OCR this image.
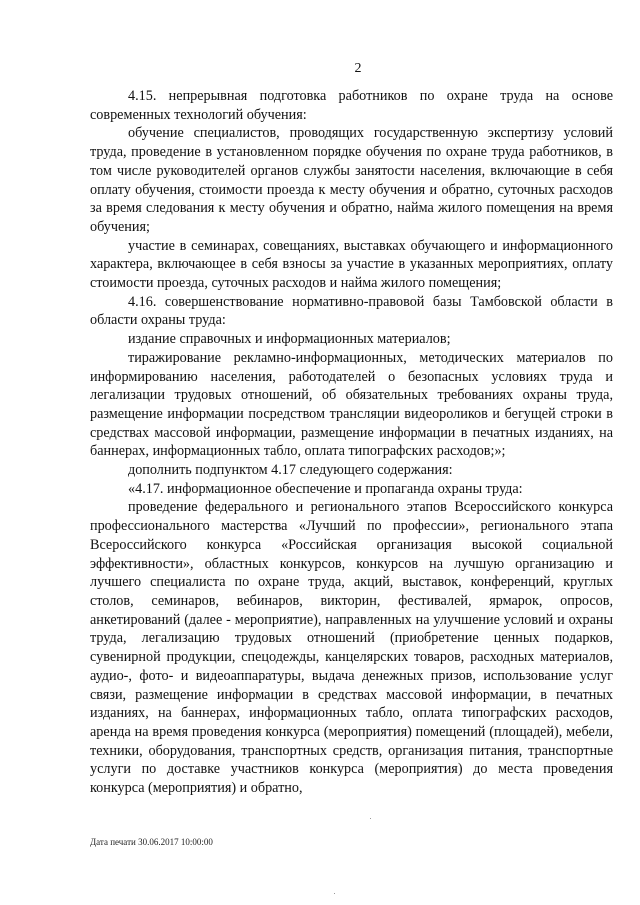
2

4.15. непрерывная подготовка работников по охране труда на основе современных технологий обучения:

обучение специалистов, проводящих государственную экспертизу условий труда, проведение в установленном порядке обучения по охране труда работников, в том числе руководителей органов службы занятости населения, включающие в себя оплату обучения, стоимости проезда к месту обучения и обратно, суточных расходов за время следования к месту обучения и обратно, найма жилого помещения на время обучения;

участие в семинарах, совещаниях, выставках обучающего и информационного характера, включающее в себя взносы за участие в указанных мероприятиях, оплату стоимости проезда, суточных расходов и найма жилого помещения;

4.16. совершенствование нормативно-правовой базы Тамбовской области в области охраны труда:

издание справочных и информационных материалов;

тиражирование рекламно-информационных, методических материалов по информированию населения, работодателей о безопасных условиях труда и легализации трудовых отношений, об обязательных требованиях охраны труда, размещение информации посредством трансляции видеороликов и бегущей строки в средствах массовой информации, размещение информации в печатных изданиях, на баннерах, информационных табло, оплата типографских расходов;»;

дополнить подпунктом 4.17 следующего содержания:

«4.17. информационное обеспечение и пропаганда охраны труда:

проведение федерального и регионального этапов Всероссийского конкурса профессионального мастерства «Лучший по профессии», регионального этапа Всероссийского конкурса «Российская организация высокой социальной эффективности», областных конкурсов, конкурсов на лучшую организацию и лучшего специалиста по охране труда, акций, выставок, конференций, круглых столов, семинаров, вебинаров, викторин, фестивалей, ярмарок, опросов, анкетирований (далее - мероприятие), направленных на улучшение условий и охраны труда, легализацию трудовых отношений (приобретение ценных подарков, сувенирной продукции, спецодежды, канцелярских товаров, расходных материалов, аудио-, фото- и видеоаппаратуры, выдача денежных призов, использование услуг связи, размещение информации в средствах массовой информации, в печатных изданиях, на баннерах, информационных табло, оплата типографских расходов, аренда на время проведения конкурса (мероприятия) помещений (площадей), мебели, техники, оборудования, транспортных средств, организация питания, транспортные услуги по доставке участников конкурса (мероприятия) до места проведения конкурса (мероприятия) и обратно,

Дата печати 30.06.2017 10:00:00
